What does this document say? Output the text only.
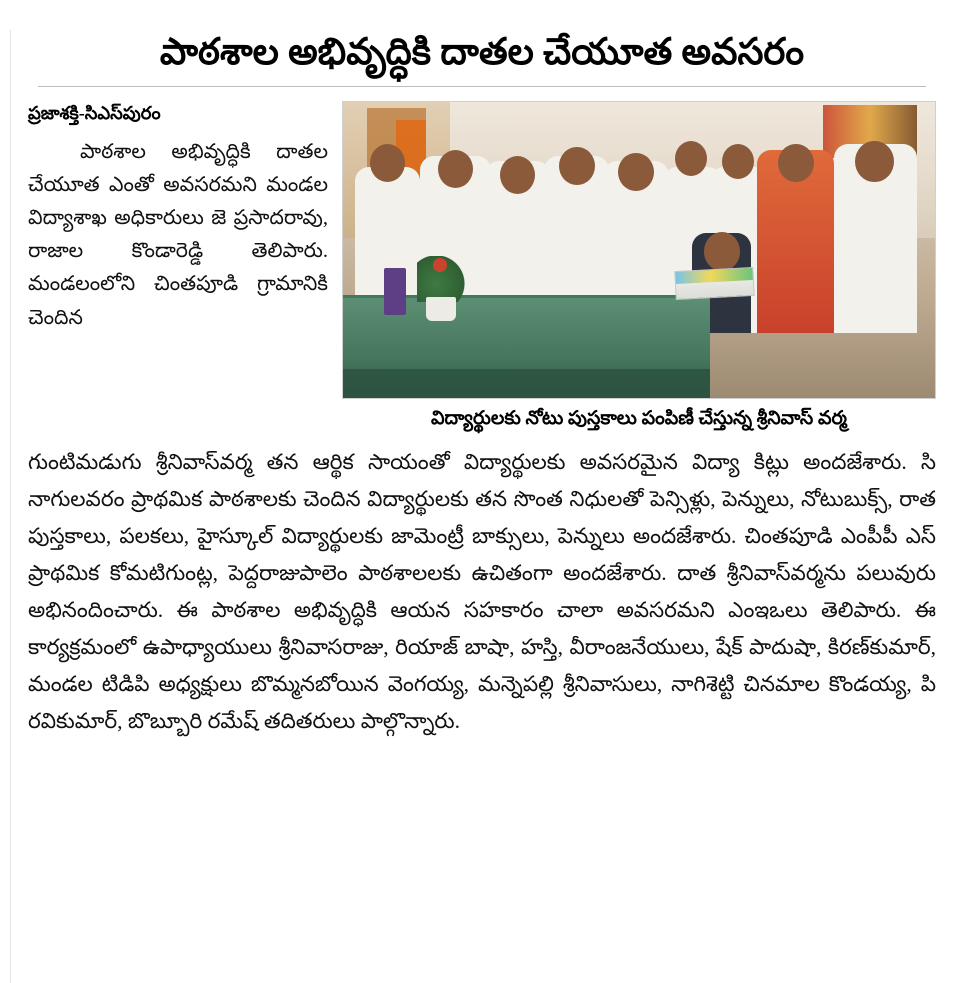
పాఠశాల అభివృద్ధికి దాతల చేయూత అవసరం
ప్రజాశక్తి-సిఎస్‌పురం
పాఠశాల అభివృద్ధికి దాతల చేయూత ఎంతో అవసరమని మండల విద్యాశాఖ అధికారులు జె ప్రసాదరావు, రాజాల కొండారెడ్డి తెలిపారు. మండలంలోని చింతపూడి గ్రామానికి చెందిన
విద్యార్థులకు నోటు పుస్తకాలు పంపిణీ చేస్తున్న శ్రీనివాస్ వర్మ

గుంటిమడుగు శ్రీనివాస్‌వర్మ తన ఆర్థిక సాయంతో విద్యార్థులకు అవసరమైన విద్యా కిట్లు అందజేశారు. సి నాగులవరం ప్రాథమిక పాఠశాలకు చెందిన విద్యార్థులకు తన సొంత నిధులతో పెన్సిళ్లు, పెన్నులు, నోటుబుక్స్, రాత పుస్తకాలు, పలకలు, హైస్కూల్ విద్యార్థులకు జామెంట్రీ బాక్సులు, పెన్నులు అందజేశారు. చింతపూడి ఎంపీపీ ఎస్ ప్రాథమిక కోమటిగుంట్ల, పెద్దరాజుపాలెం పాఠశాలలకు ఉచితంగా అందజేశారు. దాత శ్రీనివాస్‌వర్మను పలువురు అభినందించారు. ఈ పాఠశాల అభివృద్ధికి ఆయన సహకారం చాలా అవసరమని ఎంఇఒలు తెలిపారు. ఈ కార్యక్రమంలో ఉపాధ్యాయులు శ్రీనివాసరాజు, రియాజ్ బాషా, హస్తి, వీరాంజనేయులు, షేక్ పాదుషా, కిరణ్‌కుమార్, మండల టిడిపి అధ్యక్షులు బొమ్మనబోయిన వెంగయ్య, మన్నెపల్లి శ్రీనివాసులు, నాగిశెట్టి చినమాల కొండయ్య, పి రవికుమార్, బొబ్బూరి రమేష్ తదితరులు పాల్గొన్నారు.
